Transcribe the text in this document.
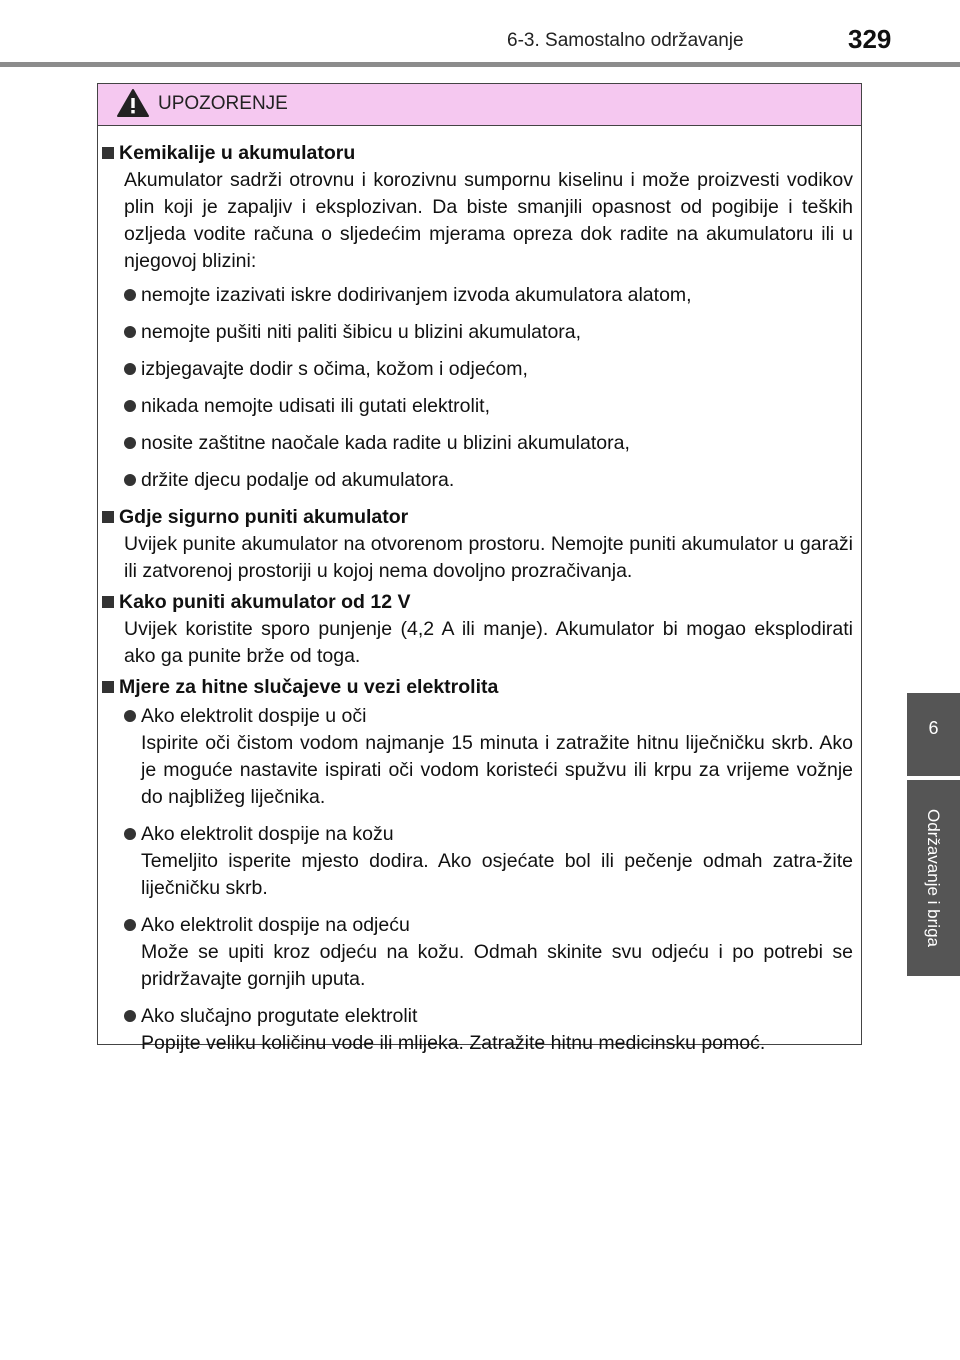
6-3. Samostalno održavanje	329
6
Održavanje i briga
UPOZORENJE
Kemikalije u akumulatoru
Akumulator sadrži otrovnu i korozivnu sumpornu kiselinu i može proizvesti vodikov plin koji je zapaljiv i eksplozivan. Da biste smanjili opasnost od pogibije i teških ozljeda vodite računa o sljedećim mjerama opreza dok radite na akumulatoru ili u njegovoj blizini:
nemojte izazivati iskre dodirivanjem izvoda akumulatora alatom,
nemojte pušiti niti paliti šibicu u blizini akumulatora,
izbjegavajte dodir s očima, kožom i odjećom,
nikada nemojte udisati ili gutati elektrolit,
nosite zaštitne naočale kada radite u blizini akumulatora,
držite djecu podalje od akumulatora.
Gdje sigurno puniti akumulator
Uvijek punite akumulator na otvorenom prostoru. Nemojte puniti akumulator u garaži ili zatvorenoj prostoriji u kojoj nema dovoljno prozračivanja.
Kako puniti akumulator od 12 V
Uvijek koristite sporo punjenje (4,2 A ili manje). Akumulator bi mogao eksplodirati ako ga punite brže od toga.
Mjere za hitne slučajeve u vezi elektrolita
Ako elektrolit dospije u oči
Ispirite oči čistom vodom najmanje 15 minuta i zatražite hitnu liječničku skrb. Ako je moguće nastavite ispirati oči vodom koristeći spužvu ili krpu za vrijeme vožnje do najbližeg liječnika.
Ako elektrolit dospije na kožu
Temeljito isperite mjesto dodira. Ako osjećate bol ili pečenje odmah zatra-žite liječničku skrb.
Ako elektrolit dospije na odjeću
Može se upiti kroz odjeću na kožu. Odmah skinite svu odjeću i po potrebi se pridržavajte gornjih uputa.
Ako slučajno progutate elektrolit
Popijte veliku količinu vode ili mlijeka. Zatražite hitnu medicinsku pomoć.
